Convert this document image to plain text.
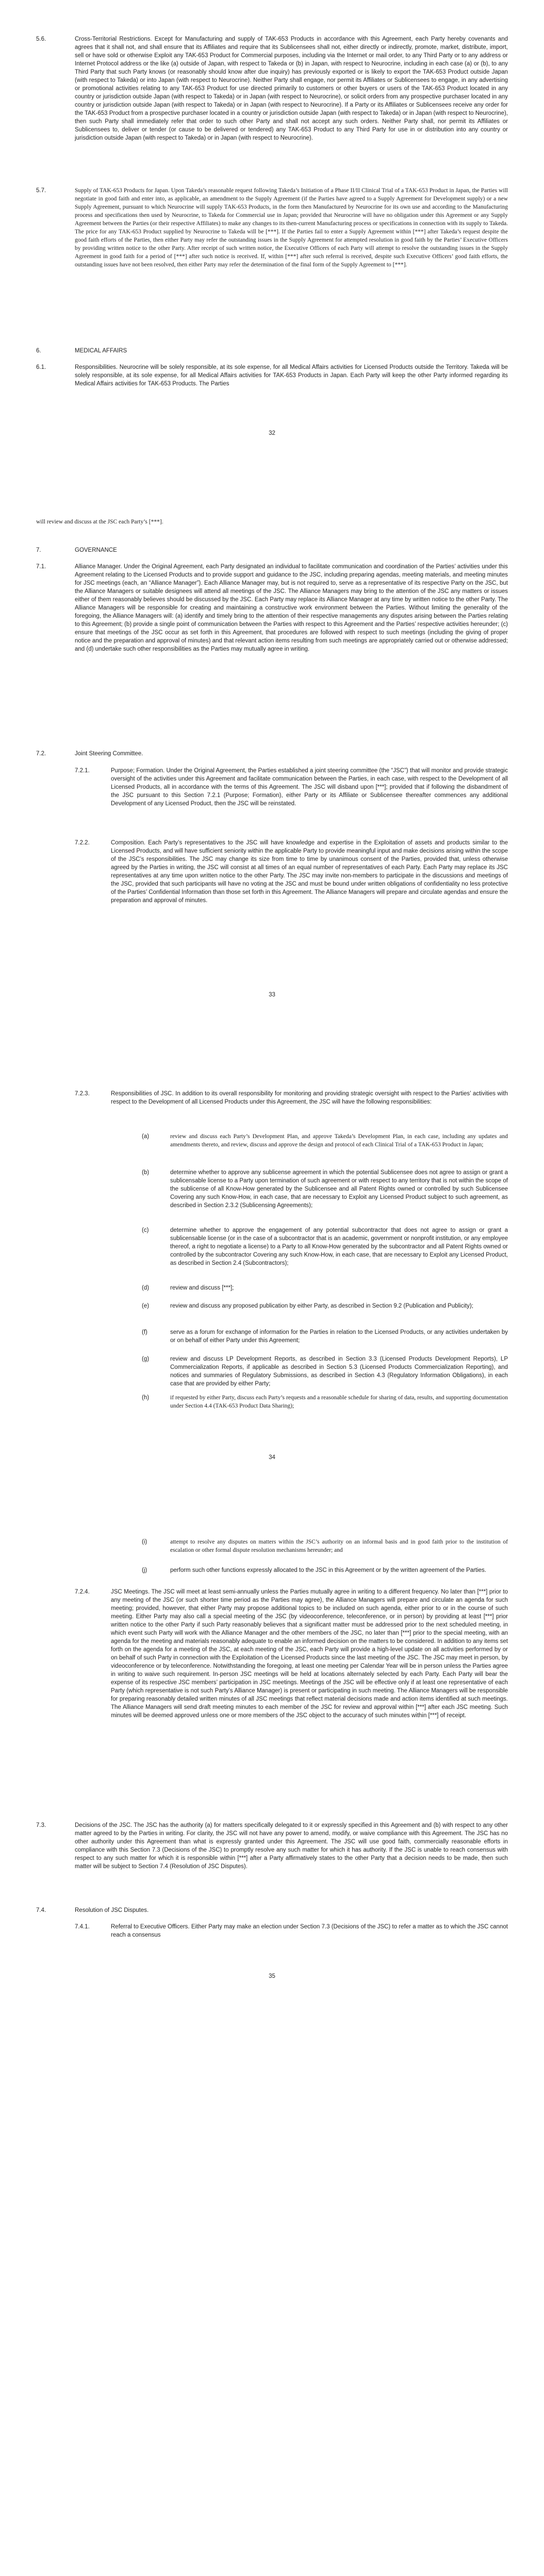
5.6.	Cross-Territorial Restrictions. Except for Manufacturing and supply of TAK-653 Products in accordance with this Agreement, each Party hereby covenants and agrees that it shall not, and shall ensure that its Affiliates and require that its Sublicensees shall not, either directly or indirectly, promote, market, distribute, import, sell or have sold or otherwise Exploit any TAK-653 Product for Commercial purposes, including via the Internet or mail order, to any Third Party or to any address or Internet Protocol address or the like (a) outside of Japan, with respect to Takeda or (b) in Japan, with respect to Neurocrine, including in each case (a) or (b), to any Third Party that such Party knows (or reasonably should know after due inquiry) has previously exported or is likely to export the TAK-653 Product outside Japan (with respect to Takeda) or into Japan (with respect to Neurocrine). Neither Party shall engage, nor permit its Affiliates or Sublicensees to engage, in any advertising or promotional activities relating to any TAK-653 Product for use directed primarily to customers or other buyers or users of the TAK-653 Product located in any country or jurisdiction outside Japan (with respect to Takeda) or in Japan (with respect to Neurocrine), or solicit orders from any prospective purchaser located in any country or jurisdiction outside Japan (with respect to Takeda) or in Japan (with respect to Neurocrine). If a Party or its Affiliates or Sublicensees receive any order for the TAK-653 Product from a prospective purchaser located in a country or jurisdiction outside Japan (with respect to Takeda) or in Japan (with respect to Neurocrine), then such Party shall immediately refer that order to such other Party and shall not accept any such orders. Neither Party shall, nor permit its Affiliates or Sublicensees to, deliver or tender (or cause to be delivered or tendered) any TAK-653 Product to any Third Party for use in or distribution into any country or jurisdiction outside Japan (with respect to Takeda) or in Japan (with respect to Neurocrine).
5.7.	Supply of TAK-653 Products for Japan. Upon Takeda’s reasonable request following Takeda’s Initiation of a Phase II/II Clinical Trial of a TAK-653 Product in Japan, the Parties will negotiate in good faith and enter into, as applicable, an amendment to the Supply Agreement (if the Parties have agreed to a Supply Agreement for Development supply) or a new Supply Agreement, pursuant to which Neurocrine will supply TAK-653 Products, in the form then Manufactured by Neurocrine for its own use and according to the Manufacturing process and specifications then used by Neurocrine, to Takeda for Commercial use in Japan; provided that Neurocrine will have no obligation under this Agreement or any Supply Agreement between the Parties (or their respective Affiliates) to make any changes to its then-current Manufacturing process or specifications in connection with its supply to Takeda. The price for any TAK-653 Product supplied by Neurocrine to Takeda will be [***]. If the Parties fail to enter a Supply Agreement within [***] after Takeda’s request despite the good faith efforts of the Parties, then either Party may refer the outstanding issues in the Supply Agreement for attempted resolution in good faith by the Parties’ Executive Officers by providing written notice to the other Party. After receipt of such written notice, the Executive Officers of each Party will attempt to resolve the outstanding issues in the Supply Agreement in good faith for a period of [***] after such notice is received. If, within [***] after such referral is received, despite such Executive Officers’ good faith efforts, the outstanding issues have not been resolved, then either Party may refer the determination of the final form of the Supply Agreement to [***].
6.	MEDICAL AFFAIRS
6.1.	Responsibilities. Neurocrine will be solely responsible, at its sole expense, for all Medical Affairs activities for Licensed Products outside the Territory. Takeda will be solely responsible, at its sole expense, for all Medical Affairs activities for TAK-653 Products in Japan. Each Party will keep the other Party informed regarding its Medical Affairs activities for TAK-653 Products. The Parties
32
will review and discuss at the JSC each Party’s [***].
7.	GOVERNANCE
7.1.	Alliance Manager. Under the Original Agreement, each Party designated an individual to facilitate communication and coordination of the Parties’ activities under this Agreement relating to the Licensed Products and to provide support and guidance to the JSC, including preparing agendas, meeting materials, and meeting minutes for JSC meetings (each, an “Alliance Manager”). Each Alliance Manager may, but is not required to, serve as a representative of its respective Party on the JSC, but the Alliance Managers or suitable designees will attend all meetings of the JSC. The Alliance Managers may bring to the attention of the JSC any matters or issues either of them reasonably believes should be discussed by the JSC. Each Party may replace its Alliance Manager at any time by written notice to the other Party. The Alliance Managers will be responsible for creating and maintaining a constructive work environment between the Parties. Without limiting the generality of the foregoing, the Alliance Managers will: (a) identify and timely bring to the attention of their respective managements any disputes arising between the Parties relating to this Agreement; (b) provide a single point of communication between the Parties with respect to this Agreement and the Parties’ respective activities hereunder; (c) ensure that meetings of the JSC occur as set forth in this Agreement, that procedures are followed with respect to such meetings (including the giving of proper notice and the preparation and approval of minutes) and that relevant action items resulting from such meetings are appropriately carried out or otherwise addressed; and (d) undertake such other responsibilities as the Parties may mutually agree in writing.
7.2.	Joint Steering Committee.
7.2.1.	Purpose; Formation. Under the Original Agreement, the Parties established a joint steering committee (the “JSC”) that will monitor and provide strategic oversight of the activities under this Agreement and facilitate communication between the Parties, in each case, with respect to the Development of all Licensed Products, all in accordance with the terms of this Agreement. The JSC will disband upon [***]; provided that if following the disbandment of the JSC pursuant to this Section 7.2.1 (Purpose; Formation), either Party or its Affiliate or Sublicensee thereafter commences any additional Development of any Licensed Product, then the JSC will be reinstated.
7.2.2.	Composition. Each Party’s representatives to the JSC will have knowledge and expertise in the Exploitation of assets and products similar to the Licensed Products, and will have sufficient seniority within the applicable Party to provide meaningful input and make decisions arising within the scope of the JSC’s responsibilities. The JSC may change its size from time to time by unanimous consent of the Parties, provided that, unless otherwise agreed by the Parties in writing, the JSC will consist at all times of an equal number of representatives of each Party. Each Party may replace its JSC representatives at any time upon written notice to the other Party. The JSC may invite non-members to participate in the discussions and meetings of the JSC, provided that such participants will have no voting at the JSC and must be bound under written obligations of confidentiality no less protective of the Parties’ Confidential Information than those set forth in this Agreement. The Alliance Managers will prepare and circulate agendas and ensure the preparation and approval of minutes.
33
7.2.3.	Responsibilities of JSC. In addition to its overall responsibility for monitoring and providing strategic oversight with respect to the Parties’ activities with respect to the Development of all Licensed Products under this Agreement, the JSC will have the following responsibilities:
(a)	review and discuss each Party’s Development Plan, and approve Takeda’s Development Plan, in each case, including any updates and amendments thereto, and review, discuss and approve the design and protocol of each Clinical Trial of a TAK-653 Product in Japan;
(b)	determine whether to approve any sublicense agreement in which the potential Sublicensee does not agree to assign or grant a sublicensable license to a Party upon termination of such agreement or with respect to any territory that is not within the scope of the sublicense of all Know-How generated by the Sublicensee and all Patent Rights owned or controlled by such Sublicensee Covering any such Know-How, in each case, that are necessary to Exploit any Licensed Product subject to such agreement, as described in Section 2.3.2 (Sublicensing Agreements);
(c)	determine whether to approve the engagement of any potential subcontractor that does not agree to assign or grant a sublicensable license (or in the case of a subcontractor that is an academic, government or nonprofit institution, or any employee thereof, a right to negotiate a license) to a Party to all Know-How generated by the subcontractor and all Patent Rights owned or controlled by the subcontractor Covering any such Know-How, in each case, that are necessary to Exploit any Licensed Product, as described in Section 2.4 (Subcontractors);
(d)	review and discuss [***];
(e)	review and discuss any proposed publication by either Party, as described in Section 9.2 (Publication and Publicity);
(f)	serve as a forum for exchange of information for the Parties in relation to the Licensed Products, or any activities undertaken by or on behalf of either Party under this Agreement;
(g)	review and discuss LP Development Reports, as described in Section 3.3 (Licensed Products Development Reports), LP Commercialization Reports, if applicable as described in Section 5.3 (Licensed Products Commercialization Reporting), and notices and summaries of Regulatory Submissions, as described in Section 4.3 (Regulatory Information Obligations), in each case that are provided by either Party;
(h)	if requested by either Party, discuss each Party’s requests and a reasonable schedule for sharing of data, results, and supporting documentation under Section 4.4 (TAK-653 Product Data Sharing);
34
(i)	attempt to resolve any disputes on matters within the JSC’s authority on an informal basis and in good faith prior to the institution of escalation or other formal dispute resolution mechanisms hereunder; and
(j)	perform such other functions expressly allocated to the JSC in this Agreement or by the written agreement of the Parties.
7.2.4.	JSC Meetings. The JSC will meet at least semi-annually unless the Parties mutually agree in writing to a different frequency. No later than [***] prior to any meeting of the JSC (or such shorter time period as the Parties may agree), the Alliance Managers will prepare and circulate an agenda for such meeting; provided, however, that either Party may propose additional topics to be included on such agenda, either prior to or in the course of such meeting. Either Party may also call a special meeting of the JSC (by videoconference, teleconference, or in person) by providing at least [***] prior written notice to the other Party if such Party reasonably believes that a significant matter must be addressed prior to the next scheduled meeting, in which event such Party will work with the Alliance Manager and the other members of the JSC, no later than [***] prior to the special meeting, with an agenda for the meeting and materials reasonably adequate to enable an informed decision on the matters to be considered. In addition to any items set forth on the agenda for a meeting of the JSC, at each meeting of the JSC, each Party will provide a high-level update on all activities performed by or on behalf of such Party in connection with the Exploitation of the Licensed Products since the last meeting of the JSC. The JSC may meet in person, by videoconference or by teleconference. Notwithstanding the foregoing, at least one meeting per Calendar Year will be in person unless the Parties agree in writing to waive such requirement. In-person JSC meetings will be held at locations alternately selected by each Party. Each Party will bear the expense of its respective JSC members’ participation in JSC meetings. Meetings of the JSC will be effective only if at least one representative of each Party (which representative is not such Party’s Alliance Manager) is present or participating in such meeting. The Alliance Managers will be responsible for preparing reasonably detailed written minutes of all JSC meetings that reflect material decisions made and action items identified at such meetings. The Alliance Managers will send draft meeting minutes to each member of the JSC for review and approval within [***] after each JSC meeting. Such minutes will be deemed approved unless one or more members of the JSC object to the accuracy of such minutes within [***] of receipt.
7.3.	Decisions of the JSC. The JSC has the authority (a) for matters specifically delegated to it or expressly specified in this Agreement and (b) with respect to any other matter agreed to by the Parties in writing. For clarity, the JSC will not have any power to amend, modify, or waive compliance with this Agreement. The JSC has no other authority under this Agreement than what is expressly granted under this Agreement. The JSC will use good faith, commercially reasonable efforts in compliance with this Section 7.3 (Decisions of the JSC) to promptly resolve any such matter for which it has authority. If the JSC is unable to reach consensus with respect to any such matter for which it is responsible within [***] after a Party affirmatively states to the other Party that a decision needs to be made, then such matter will be subject to Section 7.4 (Resolution of JSC Disputes).
7.4.	Resolution of JSC Disputes.
7.4.1.	Referral to Executive Officers. Either Party may make an election under Section 7.3 (Decisions of the JSC) to refer a matter as to which the JSC cannot reach a consensus
35
